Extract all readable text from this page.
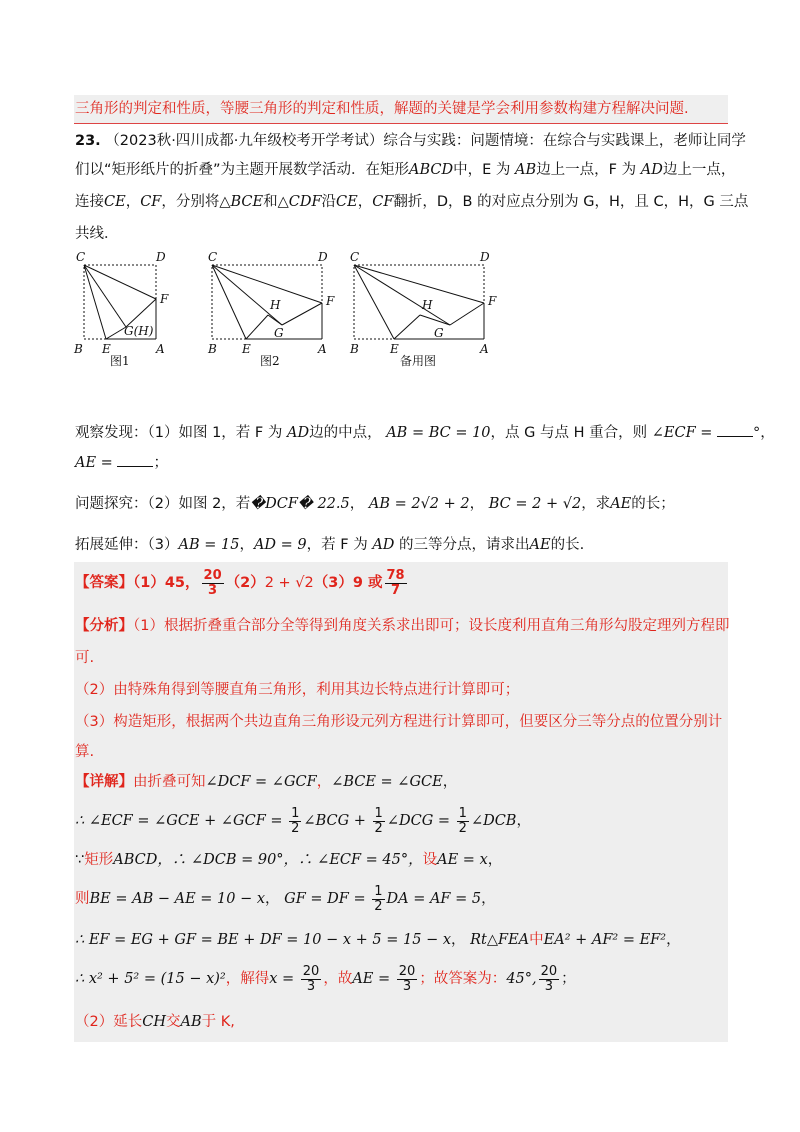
三角形的判定和性质，等腰三角形的判定和性质，解题的关键是学会利用参数构建方程解决问题.
23. （2023秋·四川成都·九年级校考开学考试）综合与实践：问题情境：在综合与实践课上，老师让同学
们以“矩形纸片的折叠”为主题开展数学活动．在矩形ABCD中，E 为 AB边上一点，F 为 AD边上一点，
连接CE，CF，分别将△BCE和△CDF沿CE，CF翻折，D，B 的对应点分别为 G，H，且 C，H，G 三点
共线．
C	D
F
G(H)
B E	A
C	D
H	F
G
B E	A
C	D
H	F
G
B	E	A
图1	图2	备用图
观察发现：（1）如图 1，若 F 为 AD边的中点， AB = BC = 10，点 G 与点 H 重合，则 ∠ECF =	°，
AE =	；
问题探究：（2）如图 2，若�DCF� 22.5， AB = 2√2 + 2， BC = 2 + √2，求AE的长；
拓展延伸：（3）AB = 15，AD = 9，若 F 为 AD 的三等分点，请求出AE的长.
【答案】（1）45， $\frac{20}{3} (2)2 + √2(3)9$ 或 $\frac{78}{7}$
【分析】（1）根据折叠重合部分全等得到角度关系求出即可；设长度利用直角三角形勾股定理列方程即
可.
（2）由特殊角得到等腰直角三角形，利用其边长特点进行计算即可；
（3）构造矩形，根据两个共边直角三角形设元列方程进行计算即可，但要区分三等分点的位置分别计
算.
【详解】由折叠可知∠DCF = ∠GCF，∠BCE = ∠GCE，
∴ ∠ECF = ∠GCE + ∠GCF = $\frac{1}{2}$ ∠BCG + $\frac{1}{2}$ ∠DCG = $\frac{1}{2}$ ∠DCB，
∵矩形ABCD，∴ ∠DCB = 90°，∴ ∠ECF = 45°，设AE = x，
则BE = AB − AE = 10 − x， GF = DF = $\frac{1}{2}$ DA = AF = 5，
∴ EF = EG + GF = BE + DF = 10 − x + 5 = 15 − x， Rt△FEA中EA² + AF² = EF²，
∴ x² + 5² = (15 − x)²，解得$x = \frac{20}{3}$ ，故AE = $\frac{20}{3}$ ；故答案为：45°, $\frac{20}{3}$ ；
（2）延长CH交AB于 K,
